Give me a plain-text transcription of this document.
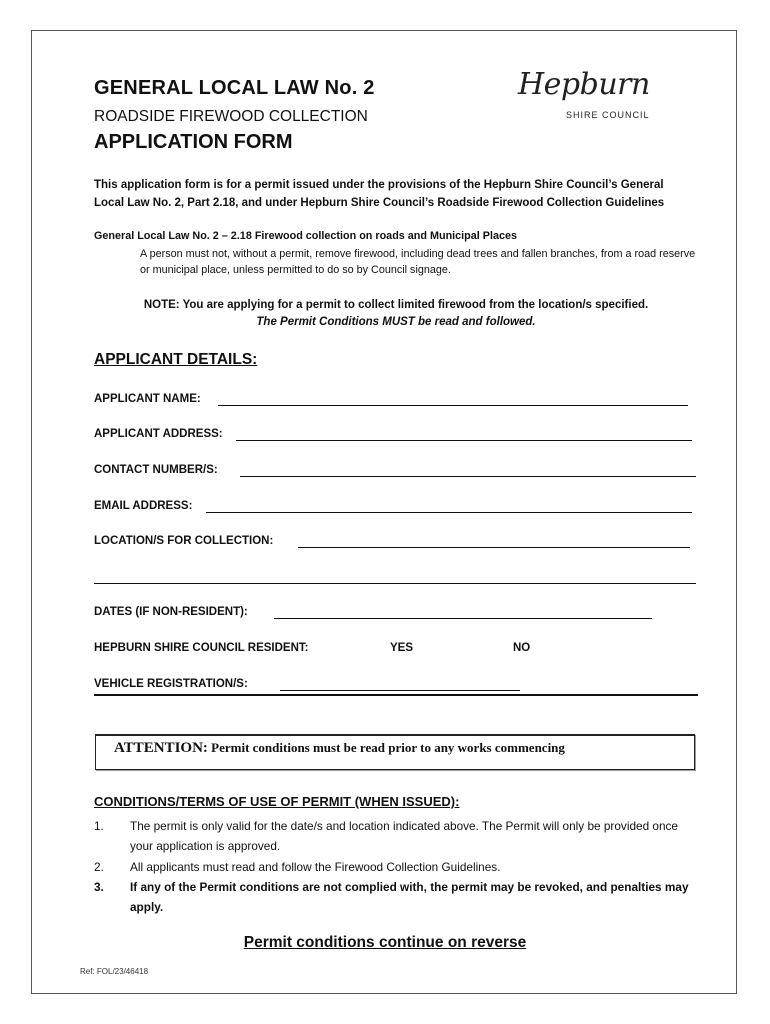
GENERAL LOCAL LAW No. 2
ROADSIDE FIREWOOD COLLECTION
APPLICATION FORM
Hepburn
SHIRE COUNCIL
This application form is for a permit issued under the provisions of the Hepburn Shire Council’s General Local Law No. 2, Part 2.18, and under Hepburn Shire Council’s Roadside Firewood Collection Guidelines
General Local Law No. 2 – 2.18 Firewood collection on roads and Municipal Places
A person must not, without a permit, remove firewood, including dead trees and fallen branches, from a road reserve or municipal place, unless permitted to do so by Council signage.
NOTE: You are applying for a permit to collect limited firewood from the location/s specified.
The Permit Conditions MUST be read and followed.
APPLICANT DETAILS:
APPLICANT NAME:
APPLICANT ADDRESS:
CONTACT NUMBER/S:
EMAIL ADDRESS:
LOCATION/S FOR COLLECTION:
DATES (IF NON-RESIDENT):
HEPBURN SHIRE COUNCIL RESIDENT:	YES	NO
VEHICLE REGISTRATION/S:
ATTENTION: Permit conditions must be read prior to any works commencing
CONDITIONS/TERMS OF USE OF PERMIT (WHEN ISSUED):
1. The permit is only valid for the date/s and location indicated above. The Permit will only be provided once your application is approved.
2. All applicants must read and follow the Firewood Collection Guidelines.
3. If any of the Permit conditions are not complied with, the permit may be revoked, and penalties may apply.
Permit conditions continue on reverse
Ref: FOL/23/46418
